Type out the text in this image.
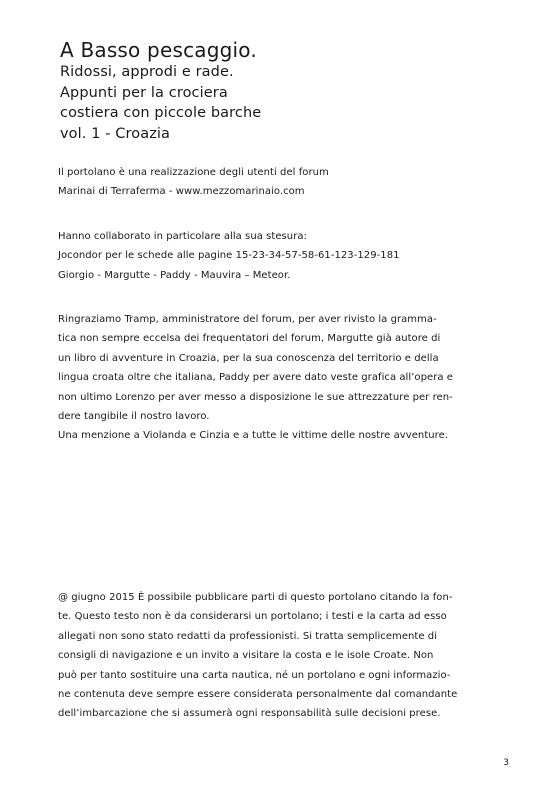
A Basso pescaggio.

Ridossi, approdi e rade.

Appunti per la crociera

costiera con piccole barche

vol. 1 - Croazia

Il portolano è una realizzazione degli utenti del forum
Marinai di Terraferma - www.mezzomarinaio.com
Hanno collaborato in particolare alla sua stesura:
Jocondor per le schede alle pagine 15-23-34-57-58-61-123-129-181
Giorgio - Margutte - Paddy - Mauvira – Meteor.
Ringraziamo Tramp, amministratore del forum, per aver rivisto la gramma-
tica non sempre eccelsa dei frequentatori del forum, Margutte già autore di
un libro di avventure in Croazia, per la sua conoscenza del territorio e della
lingua croata oltre che italiana, Paddy per avere dato veste grafica all’opera e
non ultimo Lorenzo per aver messo a disposizione le sue attrezzature per ren-
dere tangibile il nostro lavoro.
Una menzione a Violanda e Cinzia e a tutte le vittime delle nostre avventure.
@ giugno 2015 È possibile pubblicare parti di questo portolano citando la fon-
te. Questo testo non è da considerarsi un portolano; i testi e la carta ad esso
allegati non sono stato redatti da professionisti. Si tratta semplicemente di
consigli di navigazione e un invito a visitare la costa e le isole Croate. Non
può per tanto sostituire una carta nautica, né un portolano e ogni informazio-
ne contenuta deve sempre essere considerata personalmente dal comandante
dell’imbarcazione che si assumerà ogni responsabilità sulle decisioni prese.
3
